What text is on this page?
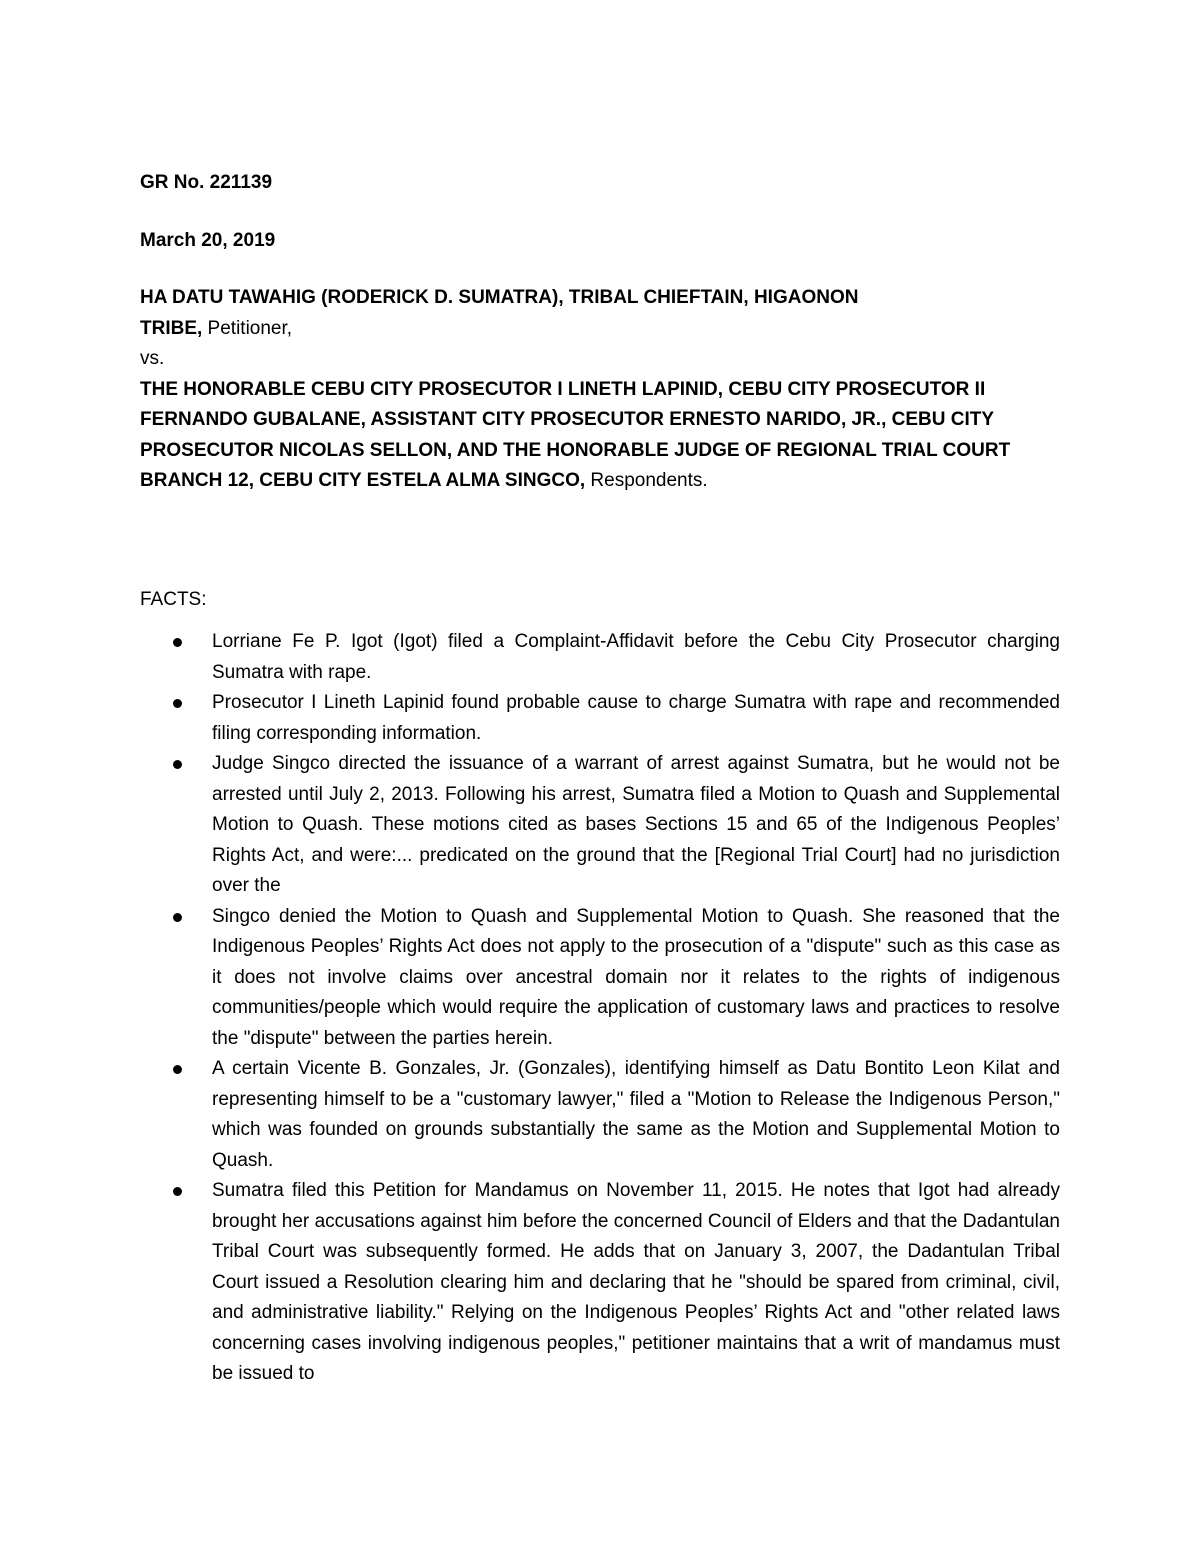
GR No. 221139

March 20, 2019

HA DATU TAWAHIG (RODERICK D. SUMATRA), TRIBAL CHIEFTAIN, HIGAONON

TRIBE, Petitioner,

vs.

THE HONORABLE CEBU CITY PROSECUTOR I LINETH LAPINID, CEBU CITY PROSECUTOR II

FERNANDO GUBALANE, ASSISTANT CITY PROSECUTOR ERNESTO NARIDO, JR., CEBU CITY

PROSECUTOR NICOLAS SELLON, AND THE HONORABLE JUDGE OF REGIONAL TRIAL COURT

BRANCH 12, CEBU CITY ESTELA ALMA SINGCO, Respondents.

FACTS:

Lorriane Fe P. Igot (Igot) filed a Complaint-Affidavit before the Cebu City Prosecutor charging Sumatra with rape.
Prosecutor I Lineth Lapinid found probable cause to charge Sumatra with rape and recommended filing corresponding information.
Judge Singco directed the issuance of a warrant of arrest against Sumatra, but he would not be arrested until July 2, 2013. Following his arrest, Sumatra filed a Motion to Quash and Supplemental Motion to Quash. These motions cited as bases Sections 15 and 65 of the Indigenous Peoples’ Rights Act, and were:... predicated on the ground that the [Regional Trial Court] had no jurisdiction over the
Singco denied the Motion to Quash and Supplemental Motion to Quash. She reasoned that the Indigenous Peoples’ Rights Act does not apply to the prosecution of a "dispute" such as this case as it does not involve claims over ancestral domain nor it relates to the rights of indigenous communities/people which would require the application of customary laws and practices to resolve the "dispute" between the parties herein.
A certain Vicente B. Gonzales, Jr. (Gonzales), identifying himself as Datu Bontito Leon Kilat and representing himself to be a "customary lawyer," filed a "Motion to Release the Indigenous Person," which was founded on grounds substantially the same as the Motion and Supplemental Motion to Quash.
Sumatra filed this Petition for Mandamus on November 11, 2015. He notes that Igot had already brought her accusations against him before the concerned Council of Elders and that the Dadantulan Tribal Court was subsequently formed. He adds that on January 3, 2007, the Dadantulan Tribal Court issued a Resolution clearing him and declaring that he "should be spared from criminal, civil, and administrative liability." Relying on the Indigenous Peoples’ Rights Act and "other related laws concerning cases involving indigenous peoples," petitioner maintains that a writ of mandamus must be issued to
